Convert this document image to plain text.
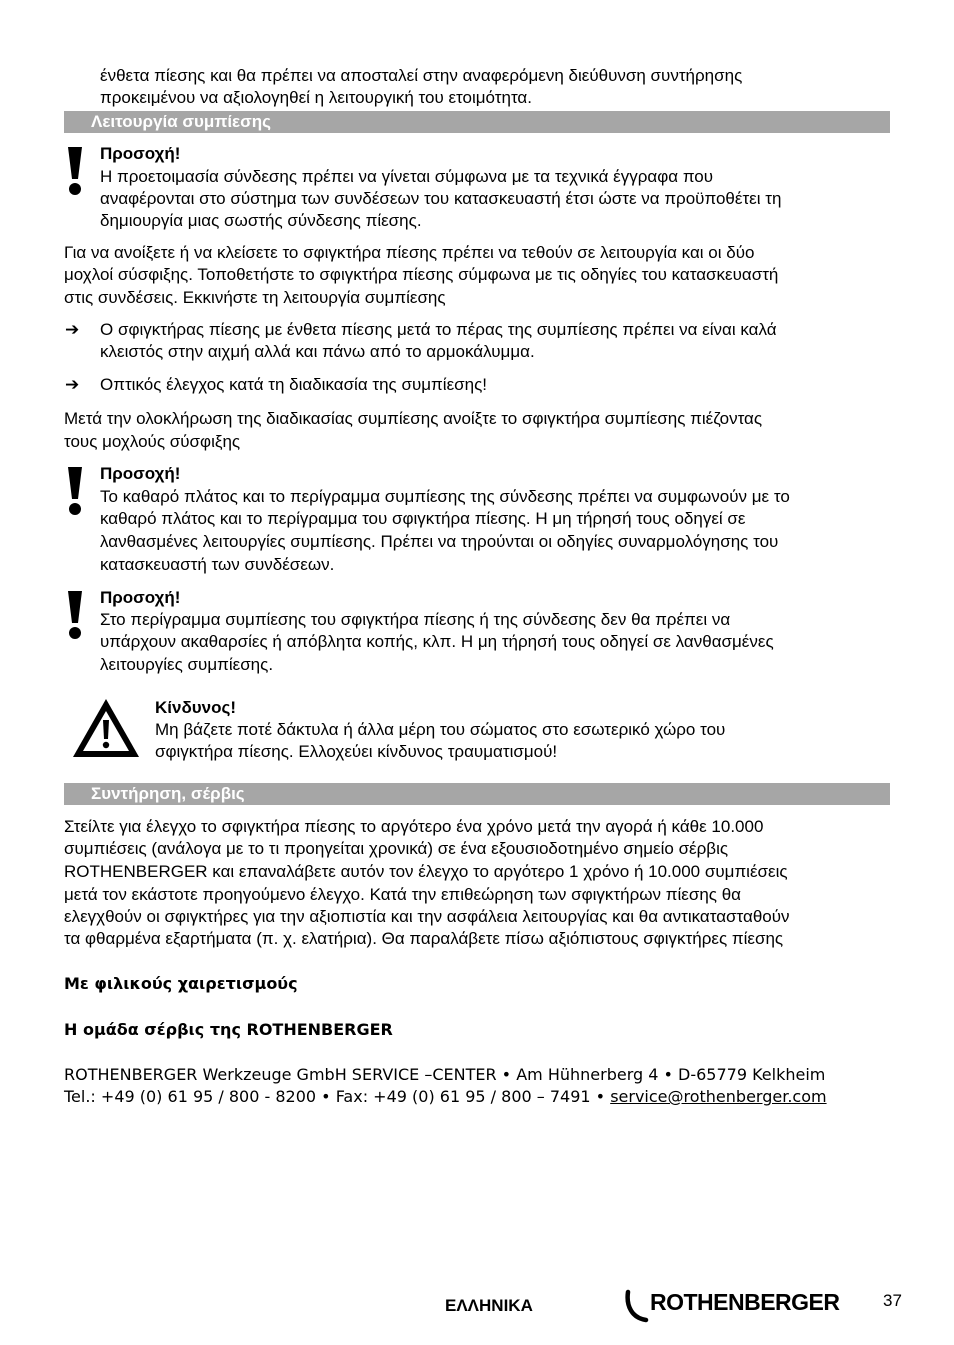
ένθετα πίεσης και θα πρέπει να αποσταλεί στην αναφερόμενη διεύθυνση συντήρησης
προκειμένου να αξιολογηθεί η λειτουργική του ετοιμότητα.
Λειτουργία συμπίεσης
Προσοχή!
Η προετοιμασία σύνδεσης πρέπει να γίνεται σύμφωνα με τα τεχνικά έγγραφα που
αναφέρονται στο σύστημα των συνδέσεων του κατασκευαστή έτσι ώστε να προϋποθέτει τη
δημιουργία μιας σωστής σύνδεσης πίεσης.
Για να ανοίξετε ή να κλείσετε το σφιγκτήρα πίεσης πρέπει να τεθούν σε λειτουργία και οι δύο
μοχλοί σύσφιξης. Τοποθετήστε το σφιγκτήρα πίεσης σύμφωνα με τις οδηγίες του κατασκευαστή
στις συνδέσεις. Εκκινήστε τη λειτουργία συμπίεσης
➔ Ο σφιγκτήρας πίεσης με ένθετα πίεσης μετά το πέρας της συμπίεσης πρέπει να είναι καλά
κλειστός στην αιχμή αλλά και πάνω από το αρμοκάλυμμα.
➔ Οπτικός έλεγχος κατά τη διαδικασία της συμπίεσης!
Μετά την ολοκλήρωση της διαδικασίας συμπίεσης ανοίξτε το σφιγκτήρα συμπίεσης πιέζοντας
τους μοχλούς σύσφιξης
Προσοχή!
Το καθαρό πλάτος και το περίγραμμα συμπίεσης της σύνδεσης πρέπει να συμφωνούν με το
καθαρό πλάτος και το περίγραμμα του σφιγκτήρα πίεσης. Η μη τήρησή τους οδηγεί σε
λανθασμένες λειτουργίες συμπίεσης. Πρέπει να τηρούνται οι οδηγίες συναρμολόγησης του
κατασκευαστή των συνδέσεων.
Προσοχή!
Στο περίγραμμα συμπίεσης του σφιγκτήρα πίεσης ή της σύνδεσης δεν θα πρέπει να
υπάρχουν ακαθαρσίες ή απόβλητα κοπής, κλπ. Η μη τήρησή τους οδηγεί σε λανθασμένες
λειτουργίες συμπίεσης.
Κίνδυνος!
Μη βάζετε ποτέ δάκτυλα ή άλλα μέρη του σώματος στο εσωτερικό χώρο του
σφιγκτήρα πίεσης. Ελλοχεύει κίνδυνος τραυματισμού!
Συντήρηση, σέρβις
Στείλτε για έλεγχο το σφιγκτήρα πίεσης το αργότερο ένα χρόνο μετά την αγορά ή κάθε 10.000
συμπιέσεις (ανάλογα με το τι προηγείται χρονικά) σε ένα εξουσιοδοτημένο σημείο σέρβις
ROTHENBERGER και επαναλάβετε αυτόν τον έλεγχο το αργότερο 1 χρόνο ή 10.000 συμπιέσεις
μετά τον εκάστοτε προηγούμενο έλεγχο. Κατά την επιθεώρηση των σφιγκτήρων πίεσης θα
ελεγχθούν οι σφιγκτήρες για την αξιοπιστία και την ασφάλεια λειτουργίας και θα αντικατασταθούν
τα φθαρμένα εξαρτήματα (π. χ. ελατήρια). Θα παραλάβετε πίσω αξιόπιστους σφιγκτήρες πίεσης
Με φιλικούς χαιρετισμούς
Η ομάδα σέρβις της ROTHENBERGER
ROTHENBERGER Werkzeuge GmbH SERVICE –CENTER • Am Hühnerberg 4 • D-65779 Kelkheim
Tel.: +49 (0) 61 95 / 800 - 8200 • Fax: +49 (0) 61 95 / 800 – 7491 • service@rothenberger.com
ΕΛΛΗΝΙΚΑ	ROTHENBERGER	37
